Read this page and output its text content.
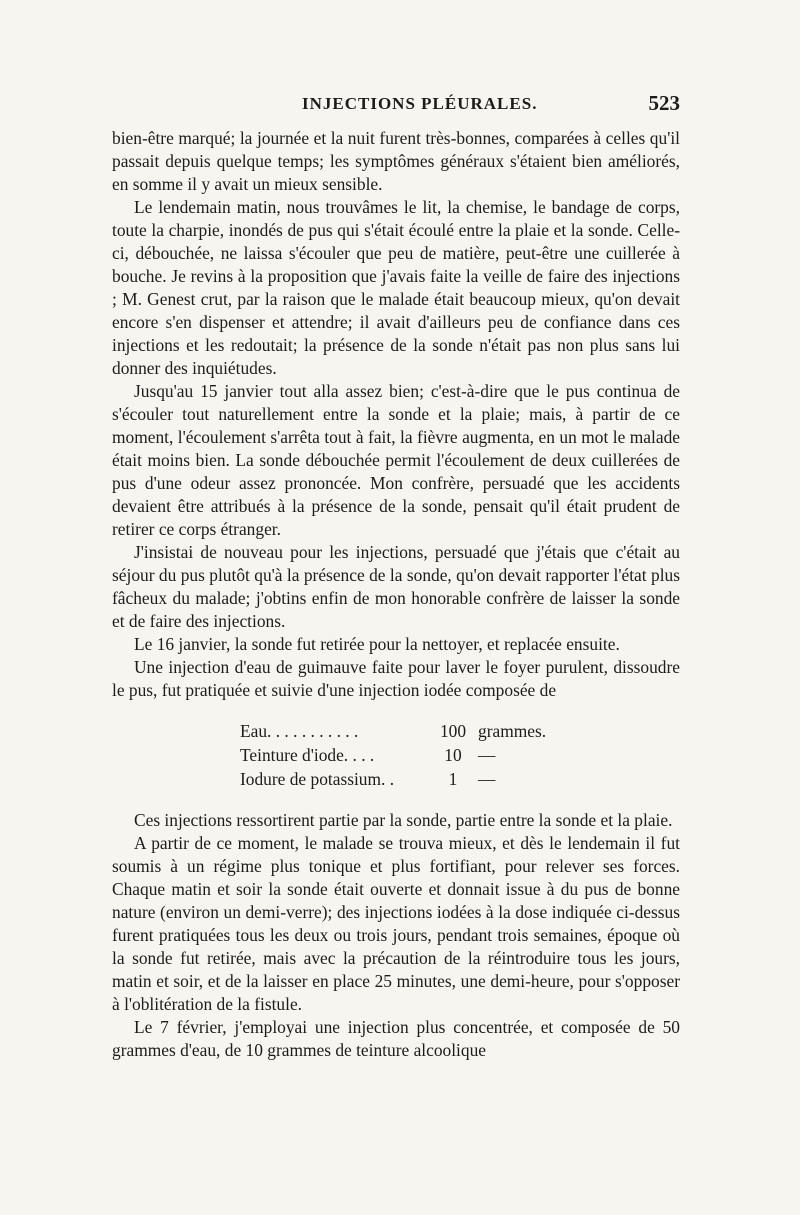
INJECTIONS PLÉURALES.	523

bien-être marqué; la journée et la nuit furent très-bonnes, comparées à celles qu'il passait depuis quelque temps; les symptômes généraux s'étaient bien améliorés, en somme il y avait un mieux sensible.

Le lendemain matin, nous trouvâmes le lit, la chemise, le bandage de corps, toute la charpie, inondés de pus qui s'était écoulé entre la plaie et la sonde. Celle-ci, débouchée, ne laissa s'écouler que peu de matière, peut-être une cuillerée à bouche. Je revins à la proposition que j'avais faite la veille de faire des injections ; M. Genest crut, par la raison que le malade était beaucoup mieux, qu'on devait encore s'en dispenser et attendre; il avait d'ailleurs peu de confiance dans ces injections et les redoutait; la présence de la sonde n'était pas non plus sans lui donner des inquiétudes.

Jusqu'au 15 janvier tout alla assez bien; c'est-à-dire que le pus continua de s'écouler tout naturellement entre la sonde et la plaie; mais, à partir de ce moment, l'écoulement s'arrêta tout à fait, la fièvre augmenta, en un mot le malade était moins bien. La sonde débouchée permit l'écoulement de deux cuillerées de pus d'une odeur assez prononcée. Mon confrère, persuadé que les accidents devaient être attribués à la présence de la sonde, pensait qu'il était prudent de retirer ce corps étranger.

J'insistai de nouveau pour les injections, persuadé que j'étais que c'était au séjour du pus plutôt qu'à la présence de la sonde, qu'on devait rapporter l'état plus fâcheux du malade; j'obtins enfin de mon honorable confrère de laisser la sonde et de faire des injections.

Le 16 janvier, la sonde fut retirée pour la nettoyer, et replacée ensuite.

Une injection d'eau de guimauve faite pour laver le foyer purulent, dissoudre le pus, fut pratiquée et suivie d'une injection iodée composée de

Eau. . . . . . . . . . .	100 grammes.
Teinture d'iode. . . .	10 —
Iodure de potassium. .	1 —

Ces injections ressortirent partie par la sonde, partie entre la sonde et la plaie.

A partir de ce moment, le malade se trouva mieux, et dès le lendemain il fut soumis à un régime plus tonique et plus fortifiant, pour relever ses forces. Chaque matin et soir la sonde était ouverte et donnait issue à du pus de bonne nature (environ un demi-verre); des injections iodées à la dose indiquée ci-dessus furent pratiquées tous les deux ou trois jours, pendant trois semaines, époque où la sonde fut retirée, mais avec la précaution de la réintroduire tous les jours, matin et soir, et de la laisser en place 25 minutes, une demi-heure, pour s'opposer à l'oblitération de la fistule.

Le 7 février, j'employai une injection plus concentrée, et composée de 50 grammes d'eau, de 10 grammes de teinture alcoolique
